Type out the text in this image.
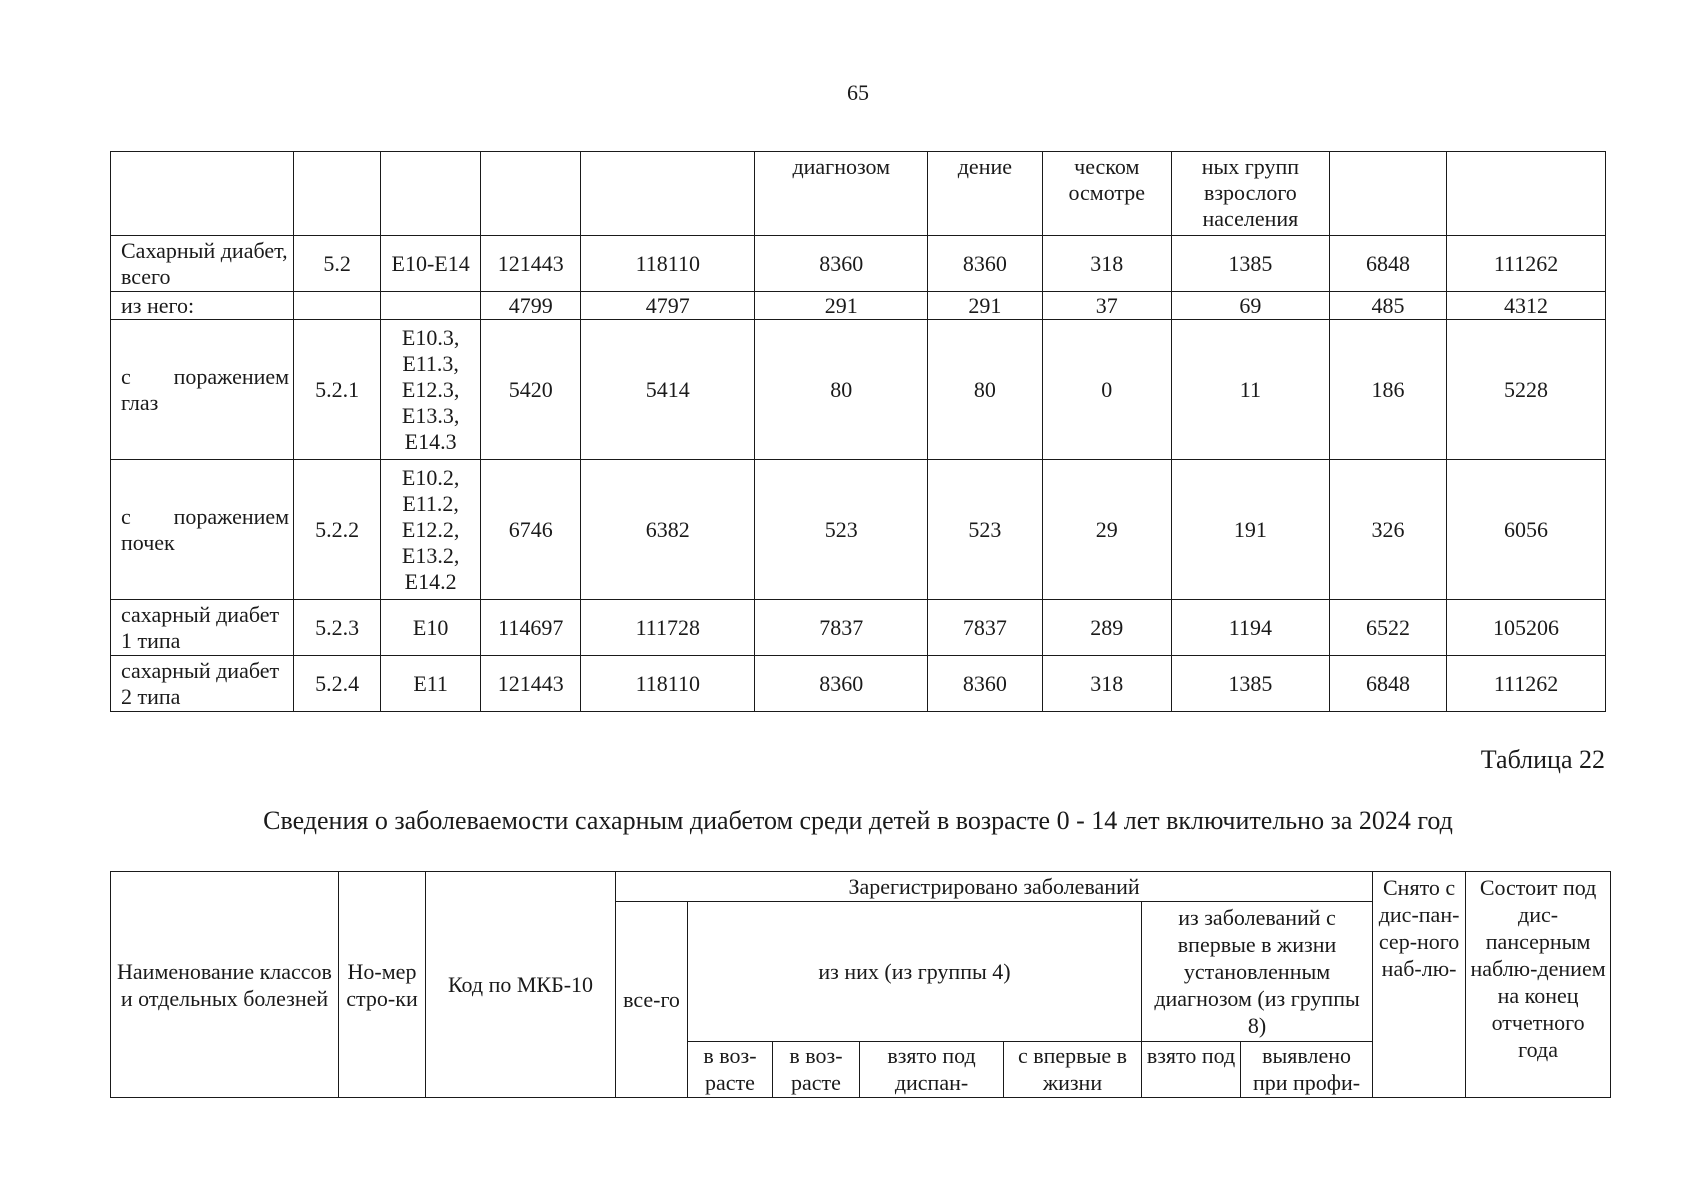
65
					диагнозом	дение	ческом осмотре	ных групп взрослого населения		
Сахарный диабет, всего	5.2	E10-E14	121443	118110	8360	8360	318	1385	6848	111262
из него:			4799	4797	291	291	37	69	485	4312
с поражением глаз	5.2.1	E10.3, E11.3, E12.3, E13.3, E14.3	5420	5414	80	80	0	11	186	5228
с поражением почек	5.2.2	E10.2, E11.2, E12.2, E13.2, E14.2	6746	6382	523	523	29	191	326	6056
сахарный диабет 1 типа	5.2.3	E10	114697	111728	7837	7837	289	1194	6522	105206
сахарный диабет 2 типа	5.2.4	E11	121443	118110	8360	8360	318	1385	6848	111262
Таблица 22
Сведения о заболеваемости сахарным диабетом среди детей в возрасте 0 - 14 лет включительно за 2024 год
Наименование классов и отдельных болезней	Но-мер стро-ки	Код по МКБ-10	Зарегистрировано заболеваний							Снято с дис-пан-сер-ного наб-лю-	Состоит под дис-пансерным наблю-дением на конец отчетного года
			все-го	из них (из группы 4)				из заболеваний с впервые в жизни установленным диагнозом (из группы 8)			
				в воз-расте	в воз-расте	взято под диспан-	с впервые в жизни	взято под	выявлено при профи-		
